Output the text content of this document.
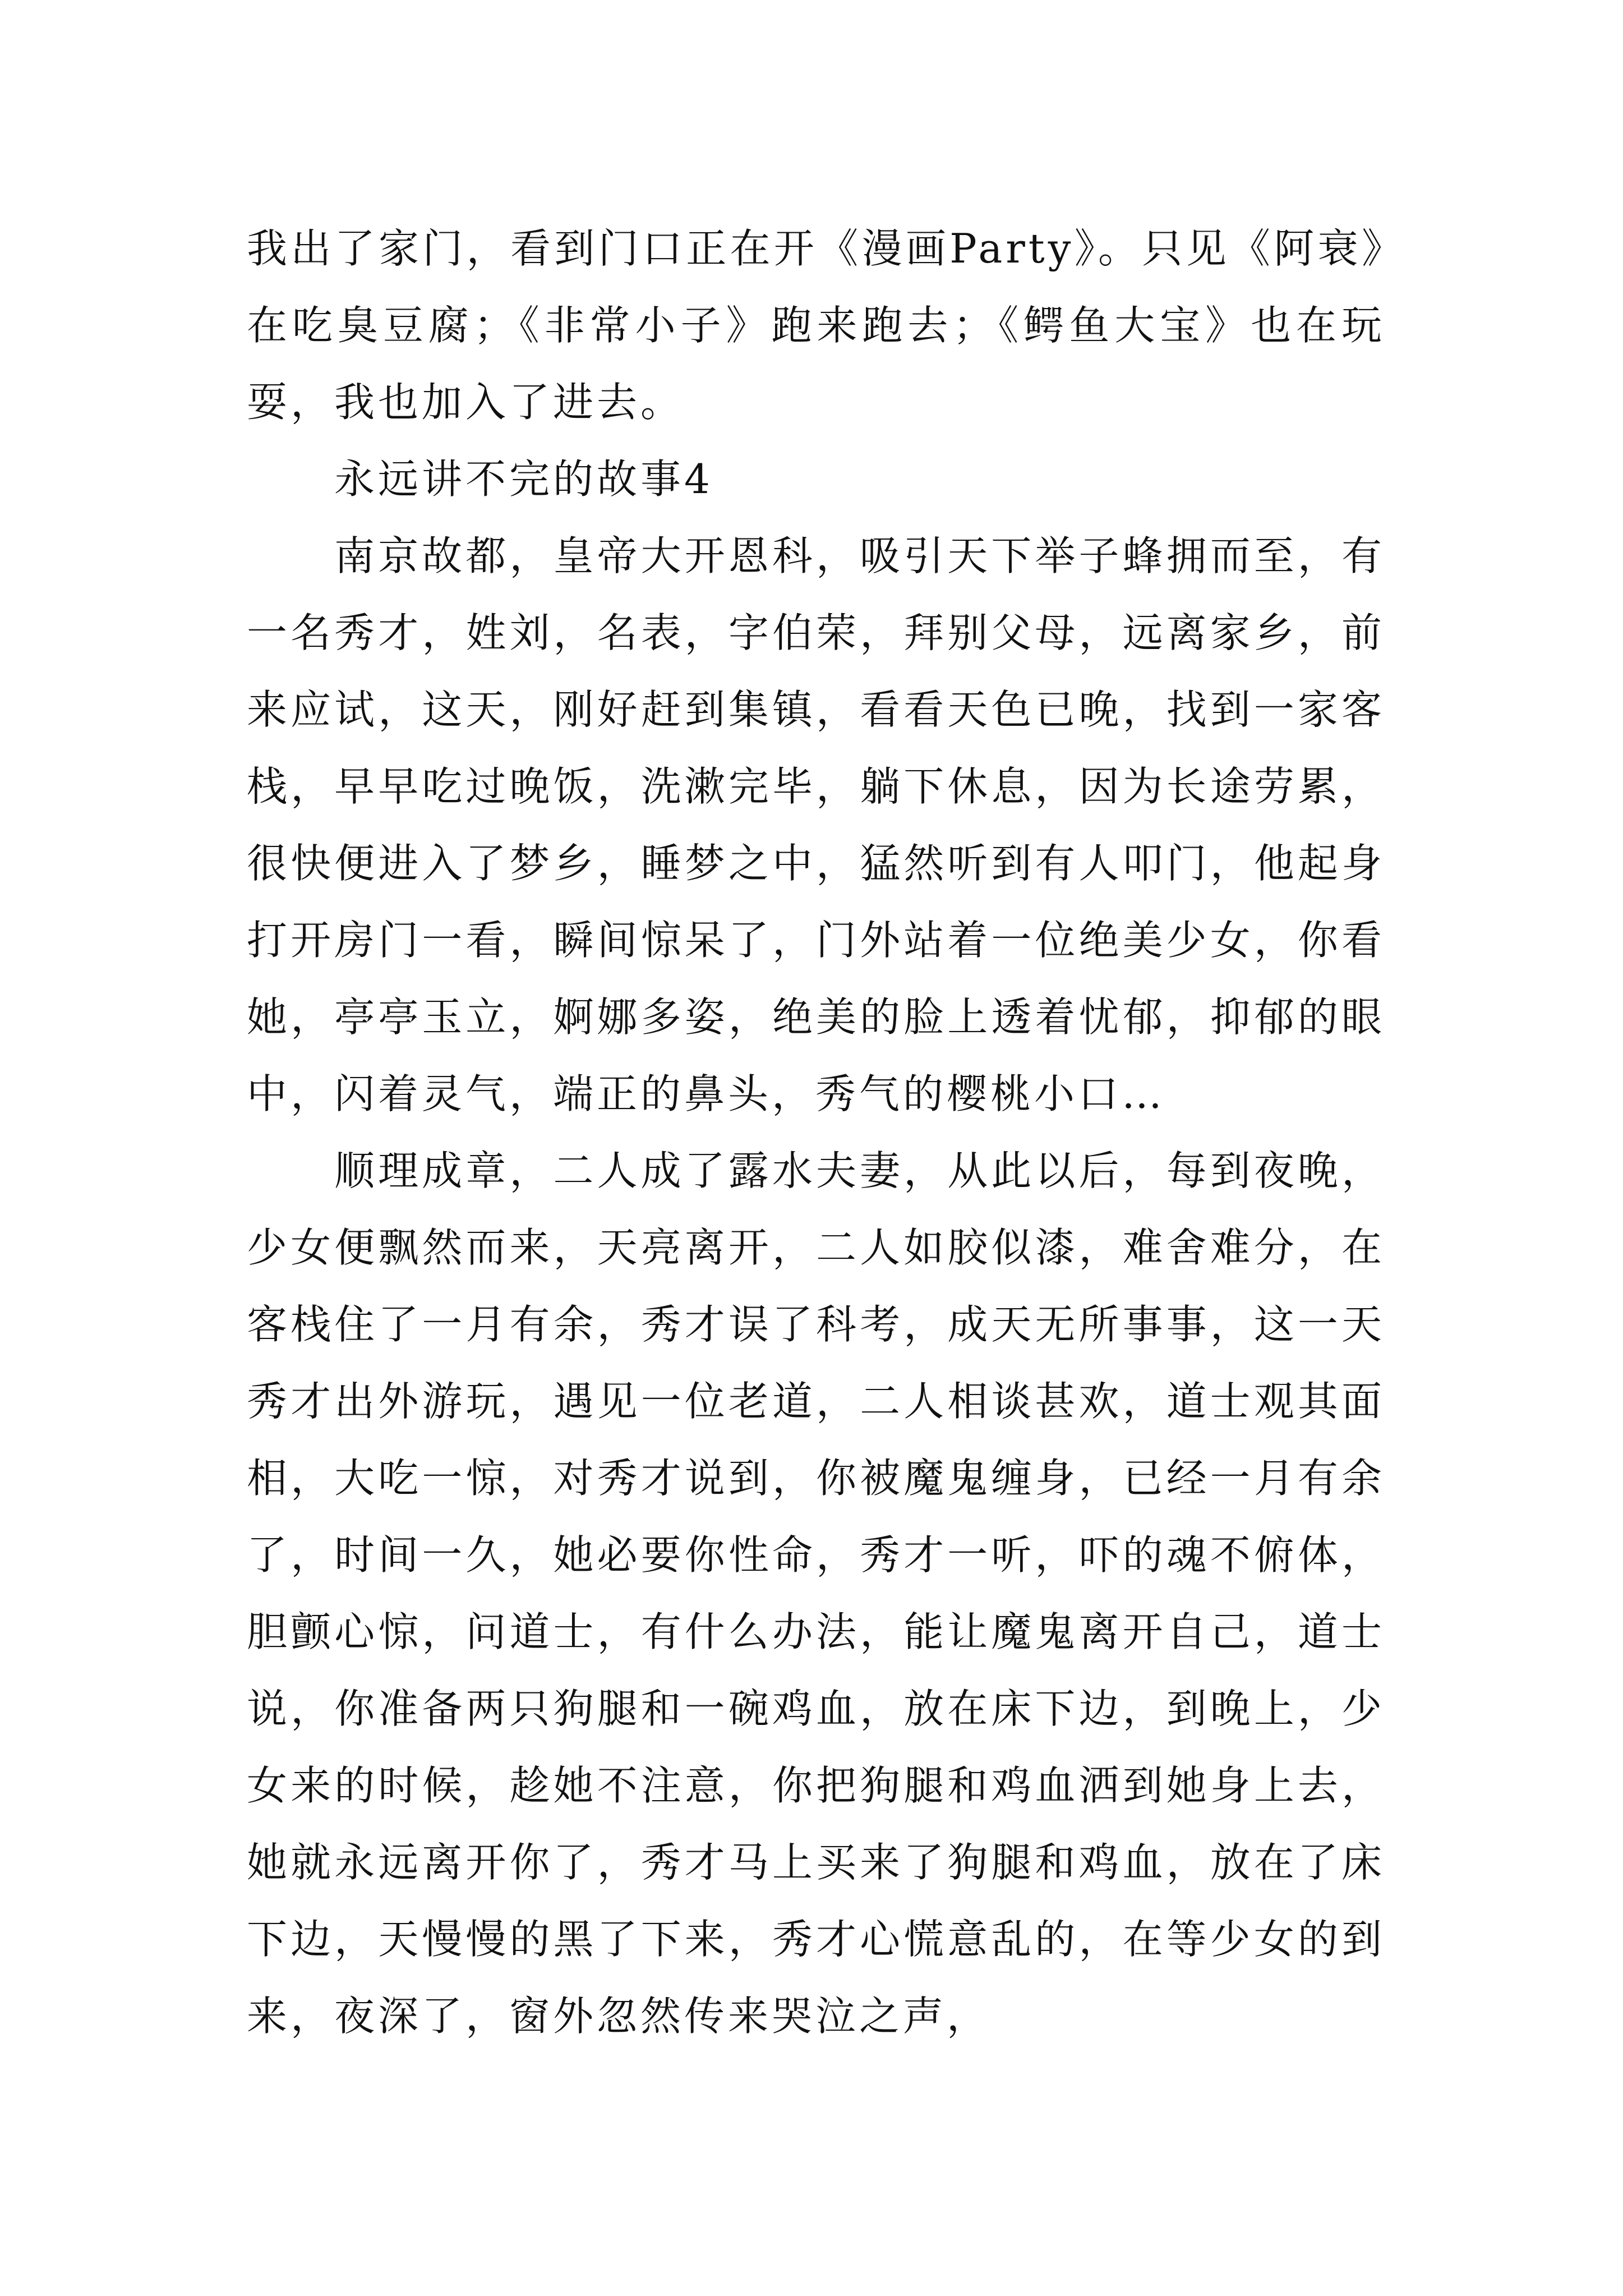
我出了家门，看到门口正在开《漫画Party》。只见《阿衰》在吃臭豆腐；《非常小子》跑来跑去；《鳄鱼大宝》也在玩耍，我也加入了进去。

永远讲不完的故事4

南京故都，皇帝大开恩科，吸引天下举子蜂拥而至，有一名秀才，姓刘，名表，字伯荣，拜别父母，远离家乡，前来应试，这天，刚好赶到集镇，看看天色已晚，找到一家客栈，早早吃过晚饭，洗漱完毕，躺下休息，因为长途劳累，很快便进入了梦乡，睡梦之中，猛然听到有人叩门，他起身打开房门一看，瞬间惊呆了，门外站着一位绝美少女，你看她，亭亭玉立，婀娜多姿，绝美的脸上透着忧郁，抑郁的眼中，闪着灵气，端正的鼻头，秀气的樱桃小口…

顺理成章，二人成了露水夫妻，从此以后，每到夜晚，少女便飘然而来，天亮离开，二人如胶似漆，难舍难分，在客栈住了一月有余，秀才误了科考，成天无所事事，这一天秀才出外游玩，遇见一位老道，二人相谈甚欢，道士观其面相，大吃一惊，对秀才说到，你被魔鬼缠身，已经一月有余了，时间一久，她必要你性命，秀才一听，吓的魂不俯体，胆颤心惊，问道士，有什么办法，能让魔鬼离开自己，道士说，你准备两只狗腿和一碗鸡血，放在床下边，到晚上，少女来的时候，趁她不注意，你把狗腿和鸡血洒到她身上去，她就永远离开你了，秀才马上买来了狗腿和鸡血，放在了床下边，天慢慢的黑了下来，秀才心慌意乱的，在等少女的到来，夜深了，窗外忽然传来哭泣之声，
